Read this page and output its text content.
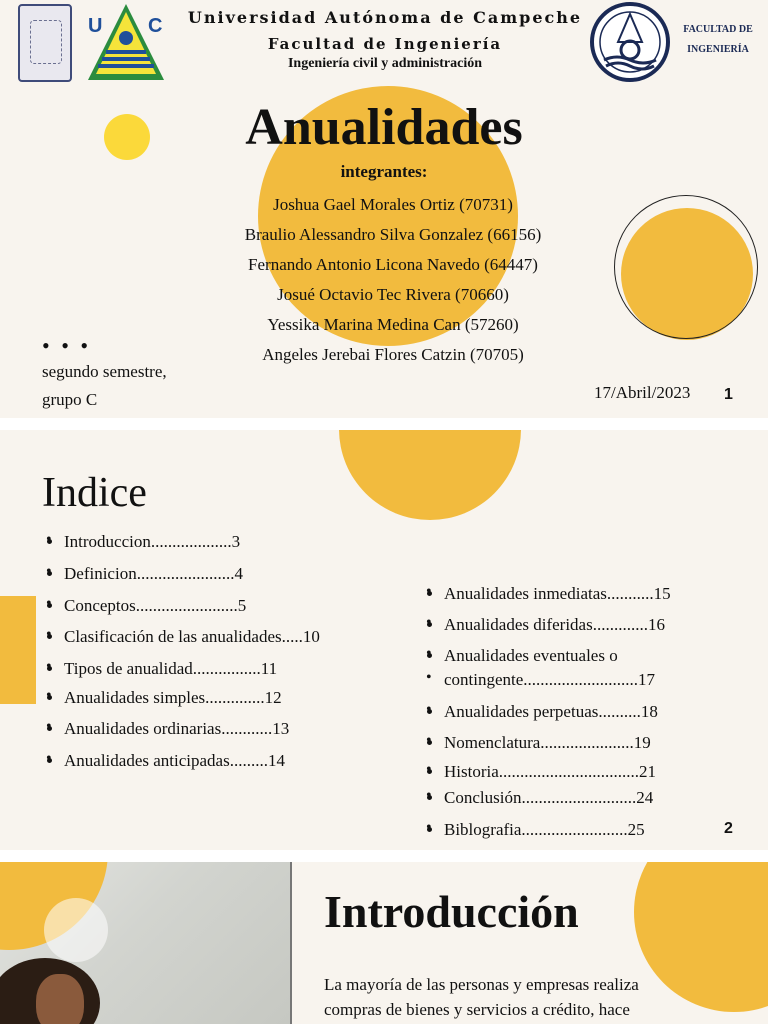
U C	Universidad Autónoma de Campeche
Facultad de Ingeniería
Ingeniería civil y administración
FACULTAD DE
INGENIERÍA
Anualidades
integrantes:
Joshua Gael Morales Ortiz (70731)
Braulio Alessandro Silva Gonzalez (66156)
Fernando Antonio Licona Navedo (64447)
Josué Octavio Tec Rivera (70660)
Yessika Marina Medina Can (57260)
Angeles Jerebai Flores Catzin (70705)
• • •
segundo semestre,
grupo C	17/Abril/2023 1
Indice
• • Introduccion...................3
• • Definicion.......................4
• • Conceptos........................5
• • Clasificación de las anualidades.....10
• • Tipos de anualidad................11
• • Anualidades simples..............12
• • Anualidades ordinarias............13
• • Anualidades anticipadas.........14
• • Anualidades inmediatas...........15
• • Anualidades diferidas.............16
• • Anualidades eventuales o
• contingente...........................17
• • Anualidades perpetuas..........18
• • Nomenclatura......................19
• • Historia.................................21
• • Conclusión...........................24
• • Biblografia.........................25	2
Introducción
La mayoría de las personas y empresas realiza
compras de bienes y servicios a crédito, hace
